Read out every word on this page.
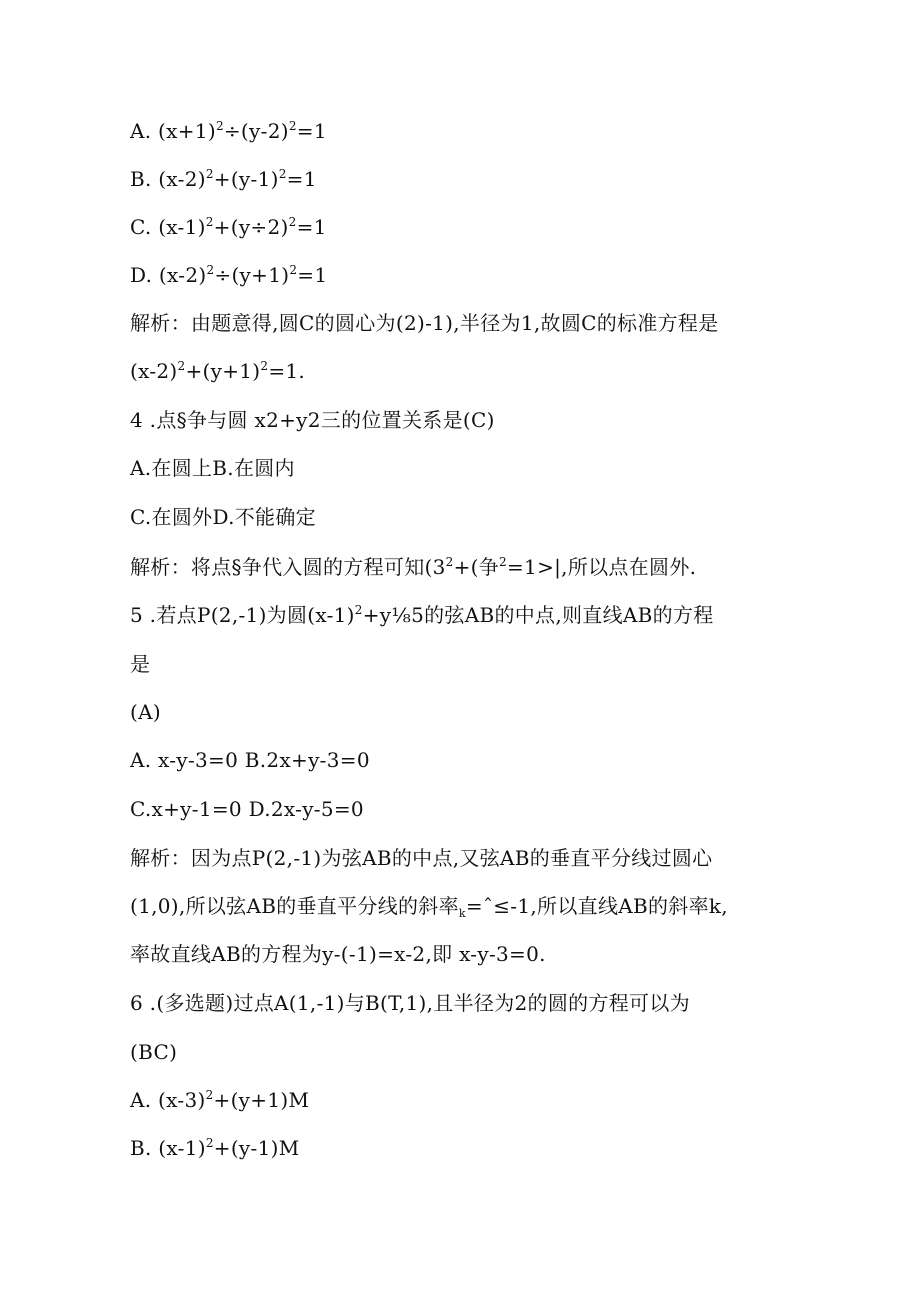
A. $(x+1)^2\div(y-2)^2=1$
B. $(x-2)^2+(y-1)^2=1$
C. $(x-1)^2+(y\div 2)^2=1$
D. $(x-2)^2\div(y+1)^2=1$
解析：由题意得,圆C的圆心为(2)-1),半径为1,故圆C的标准方程是
$(x-2)^2+(y+1)^2=1$.
4 .点§争与圆 x2+y2三的位置关系是(C)
A.在圆上B.在圆内
C.在圆外D.不能确定
解析：将点§争代入圆的方程可知($3^2+$(争$^2$=1>|,所以点在圆外.
5 .若点P(2,-1)为圆$(x-1)^2+y\frac{1}{8}5$的弦AB的中点,则直线AB的方程
是
(A)
A. x-y-3=0 B.2x+y-3=0
C.x+y-1=0 D.2x-y-5=0
解析：因为点P(2,-1)为弦AB的中点,又弦AB的垂直平分线过圆心
(1,0),所以弦AB的垂直平分线的斜率$_k$=ˆ≤-1,所以直线AB的斜率k,
率故直线AB的方程为y-(-1)=x-2,即 x-y-3=0.
6 .(多选题)过点A(1,-1)与B(T,1),且半径为2的圆的方程可以为
(BC)
A. $(x-3)^2+(y+1)M$
B. $(x-1)^2+(y-1)M$
